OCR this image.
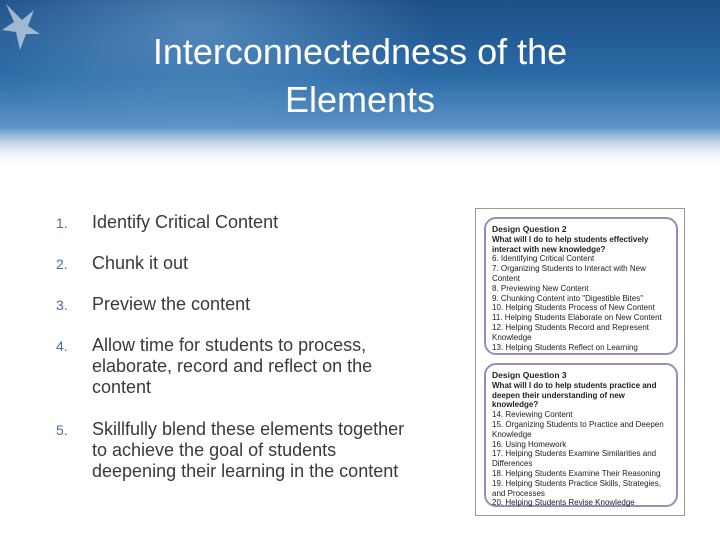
Interconnectedness of the
Elements
1. Identify Critical Content
2. Chunk it out
3. Preview the content
4. Allow time for students to process, elaborate, record and reflect on the content
5. Skillfully blend these elements together to achieve the goal of students deepening their learning in the content
Design Question 2
What will I do to help students effectively interact with new knowledge?
6. Identifying Critical Content
7. Organizing Students to Interact with New Content
8. Previewing New Content
9. Chunking Content into "Digestible Bites"
10. Helping Students Process of New Content
11. Helping Students Elaborate on New Content
12. Helping Students Record and Represent Knowledge
13. Helping Students Reflect on Learning
Design Question 3
What will I do to help students practice and deepen their understanding of new knowledge?
14. Reviewing Content
15. Organizing Students to Practice and Deepen Knowledge
16. Using Homework
17. Helping Students Examine Similarities and Differences
18. Helping Students Examine Their Reasoning
19. Helping Students Practice Skills, Strategies, and Processes
20. Helping Students Revise Knowledge
